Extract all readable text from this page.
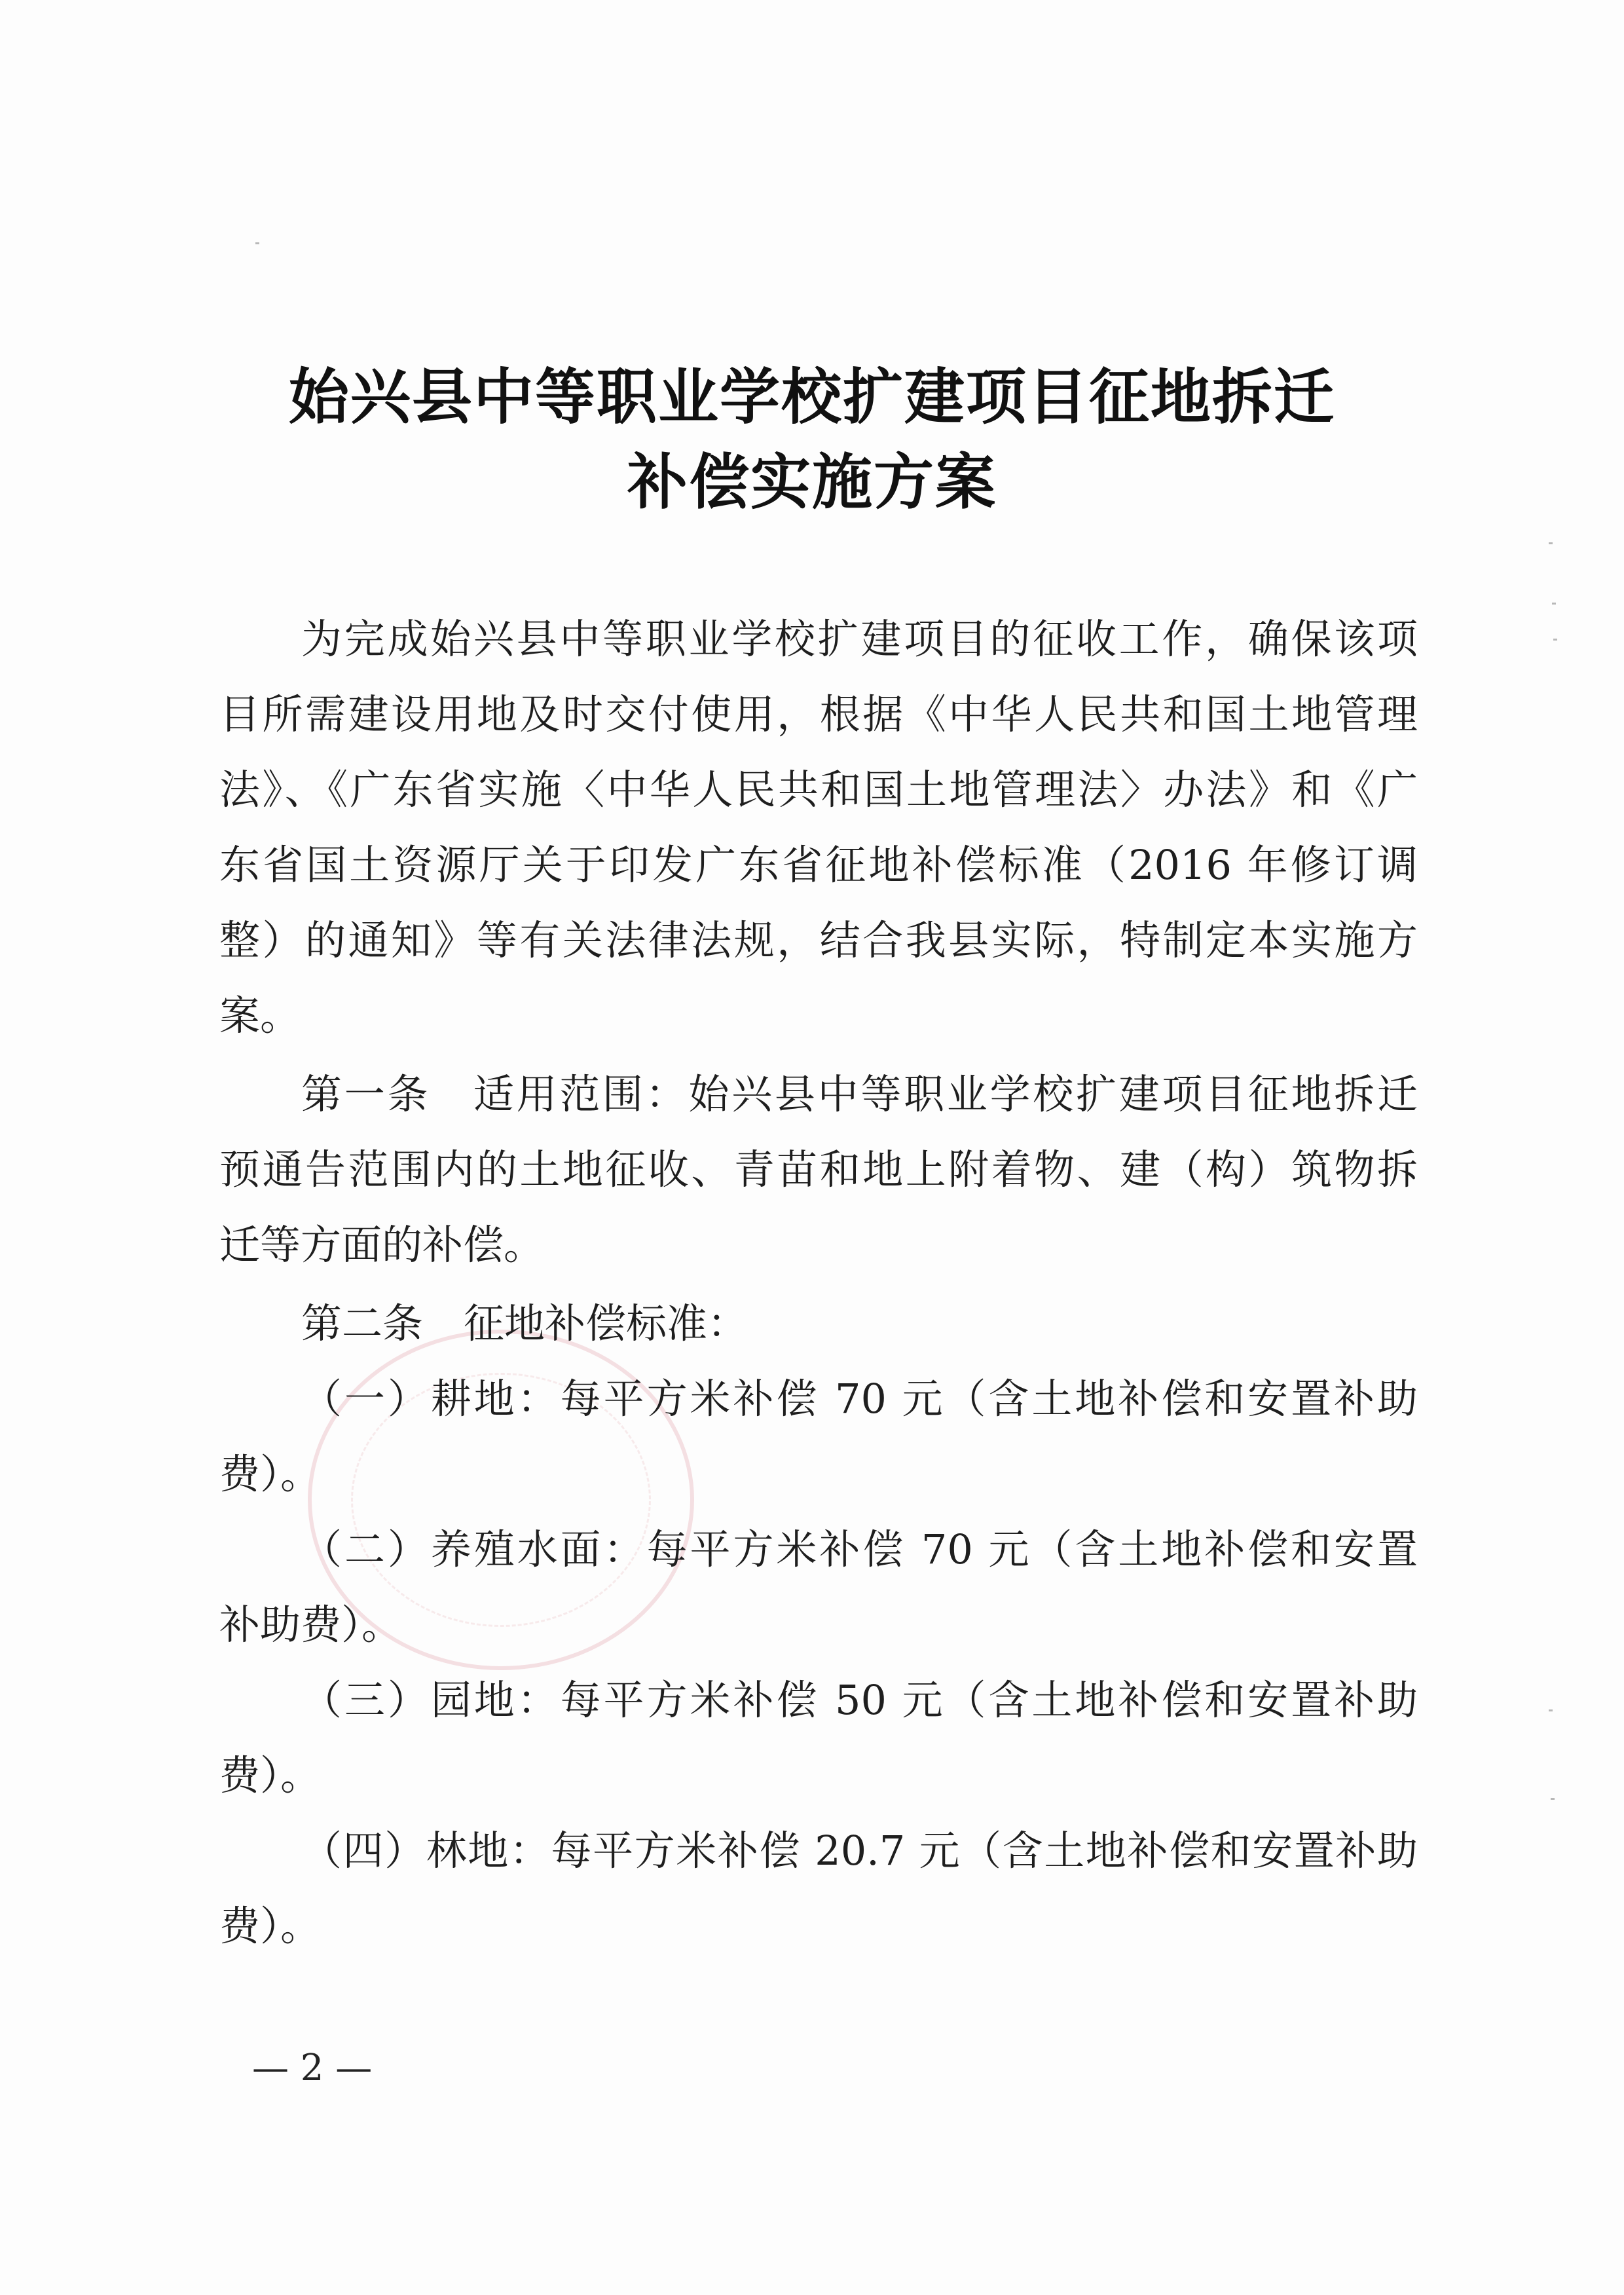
始兴县中等职业学校扩建项目征地拆迁
补偿实施方案
为完成始兴县中等职业学校扩建项目的征收工作，确保该项
目所需建设用地及时交付使用，根据《中华人民共和国土地管理
法》、《广东省实施〈中华人民共和国土地管理法〉办法》和《广
东省国土资源厅关于印发广东省征地补偿标准（2016 年修订调
整）的通知》等有关法律法规，结合我县实际，特制定本实施方
案。
第一条　适用范围：始兴县中等职业学校扩建项目征地拆迁
预通告范围内的土地征收、青苗和地上附着物、建（构）筑物拆
迁等方面的补偿。
第二条　征地补偿标准：
（一）耕地：每平方米补偿 70 元（含土地补偿和安置补助
费）。
（二）养殖水面：每平方米补偿 70 元（含土地补偿和安置
补助费）。
（三）园地：每平方米补偿 50 元（含土地补偿和安置补助
费）。
（四）林地：每平方米补偿 20.7 元（含土地补偿和安置补助
费）。
— 2 —
